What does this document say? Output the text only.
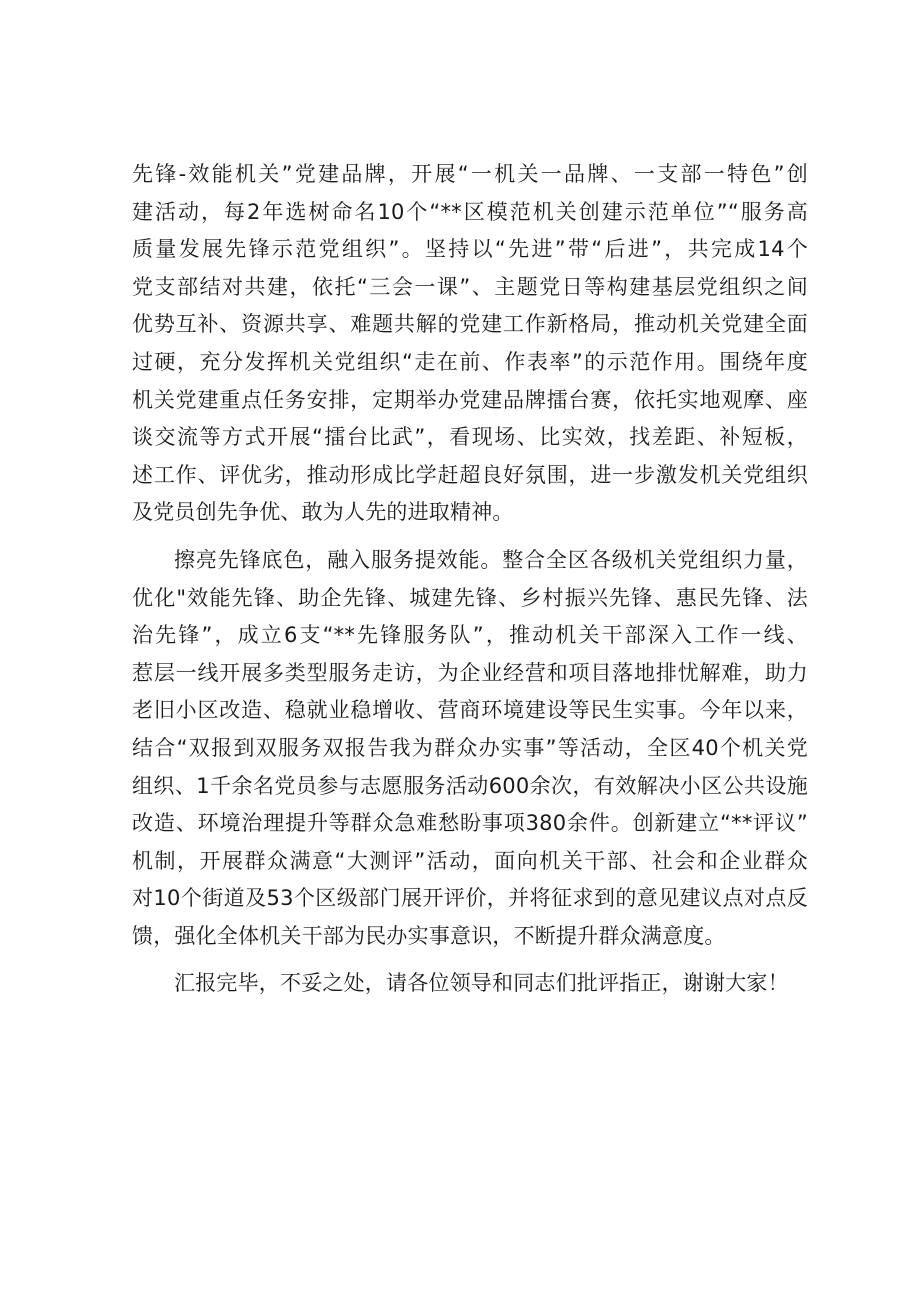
先锋-效能机关”党建品牌，开展“一机关一品牌、一支部一特色”创
建活动，每2年选树命名10个“**区模范机关创建示范单位”“服务高
质量发展先锋示范党组织”。坚持以“先进”带“后进”，共完成14个
党支部结对共建，依托“三会一课”、主题党日等构建基层党组织之间
优势互补、资源共享、难题共解的党建工作新格局，推动机关党建全面
过硬，充分发挥机关党组织“走在前、作表率”的示范作用。围绕年度
机关党建重点任务安排，定期举办党建品牌擂台赛，依托实地观摩、座
谈交流等方式开展“擂台比武”，看现场、比实效，找差距、补短板，
述工作、评优劣，推动形成比学赶超良好氛围，进一步激发机关党组织
及党员创先争优、敢为人先的进取精神。
擦亮先锋底色，融入服务提效能。整合全区各级机关党组织力量，
优化"效能先锋、助企先锋、城建先锋、乡村振兴先锋、惠民先锋、法
治先锋”，成立6支“**先锋服务队”，推动机关干部深入工作一线、
惹层一线开展多类型服务走访，为企业经营和项目落地排忧解难，助力
老旧小区改造、稳就业稳增收、营商环境建设等民生实事。今年以来，
结合“双报到双服务双报告我为群众办实事”等活动，全区40个机关党
组织、1千余名党员参与志愿服务活动600余次，有效解决小区公共设施
改造、环境治理提升等群众急难愁盼事项380余件。创新建立“**评议”
机制，开展群众满意“大测评”活动，面向机关干部、社会和企业群众
对10个街道及53个区级部门展开评价，并将征求到的意见建议点对点反
馈，强化全体机关干部为民办实事意识，不断提升群众满意度。
汇报完毕，不妥之处，请各位领导和同志们批评指正，谢谢大家！
